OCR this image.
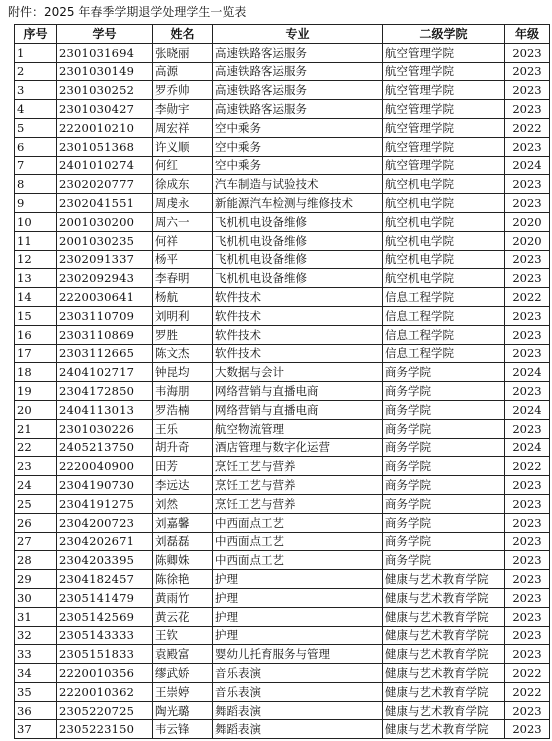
附件：2025 年春季学期退学处理学生一览表
序号	学号	姓名	专业	二级学院	年级
1	2301031694	张晓丽	高速铁路客运服务	航空管理学院	2023
2	2301030149	高源	高速铁路客运服务	航空管理学院	2023
3	2301030252	罗乔帅	高速铁路客运服务	航空管理学院	2023
4	2301030427	李勋宇	高速铁路客运服务	航空管理学院	2023
5	2220010210	周宏祥	空中乘务	航空管理学院	2022
6	2301051368	许义顺	空中乘务	航空管理学院	2023
7	2401010274	何红	空中乘务	航空管理学院	2024
8	2302020777	徐成东	汽车制造与试验技术	航空机电学院	2023
9	2302041551	周虔永	新能源汽车检测与维修技术	航空机电学院	2023
10	2001030200	周六一	飞机机电设备维修	航空机电学院	2020
11	2001030235	何祥	飞机机电设备维修	航空机电学院	2020
12	2302091337	杨平	飞机机电设备维修	航空机电学院	2023
13	2302092943	李春明	飞机机电设备维修	航空机电学院	2023
14	2220030641	杨航	软件技术	信息工程学院	2022
15	2303110709	刘明利	软件技术	信息工程学院	2023
16	2303110869	罗胜	软件技术	信息工程学院	2023
17	2303112665	陈文杰	软件技术	信息工程学院	2023
18	2404102717	钟昆均	大数据与会计	商务学院	2024
19	2304172850	韦海朋	网络营销与直播电商	商务学院	2023
20	2404113013	罗浩楠	网络营销与直播电商	商务学院	2024
21	2301030226	王乐	航空物流管理	商务学院	2023
22	2405213750	胡升奇	酒店管理与数字化运营	商务学院	2024
23	2220040900	田芳	烹饪工艺与营养	商务学院	2022
24	2304190730	李远达	烹饪工艺与营养	商务学院	2023
25	2304191275	刘然	烹饪工艺与营养	商务学院	2023
26	2304200723	刘嘉馨	中西面点工艺	商务学院	2023
27	2304202671	刘磊磊	中西面点工艺	商务学院	2023
28	2304203395	陈卿姝	中西面点工艺	商务学院	2023
29	2304182457	陈徐艳	护理	健康与艺术教育学院	2023
30	2305141479	黄雨竹	护理	健康与艺术教育学院	2023
31	2305142569	黄云花	护理	健康与艺术教育学院	2023
32	2305143333	王钦	护理	健康与艺术教育学院	2023
33	2305151833	袁殿富	婴幼儿托育服务与管理	健康与艺术教育学院	2023
34	2220010356	缪武娇	音乐表演	健康与艺术教育学院	2022
35	2220010362	王崇婷	音乐表演	健康与艺术教育学院	2022
36	2305220725	陶光璐	舞蹈表演	健康与艺术教育学院	2023
37	2305223150	韦云锋	舞蹈表演	健康与艺术教育学院	2023
